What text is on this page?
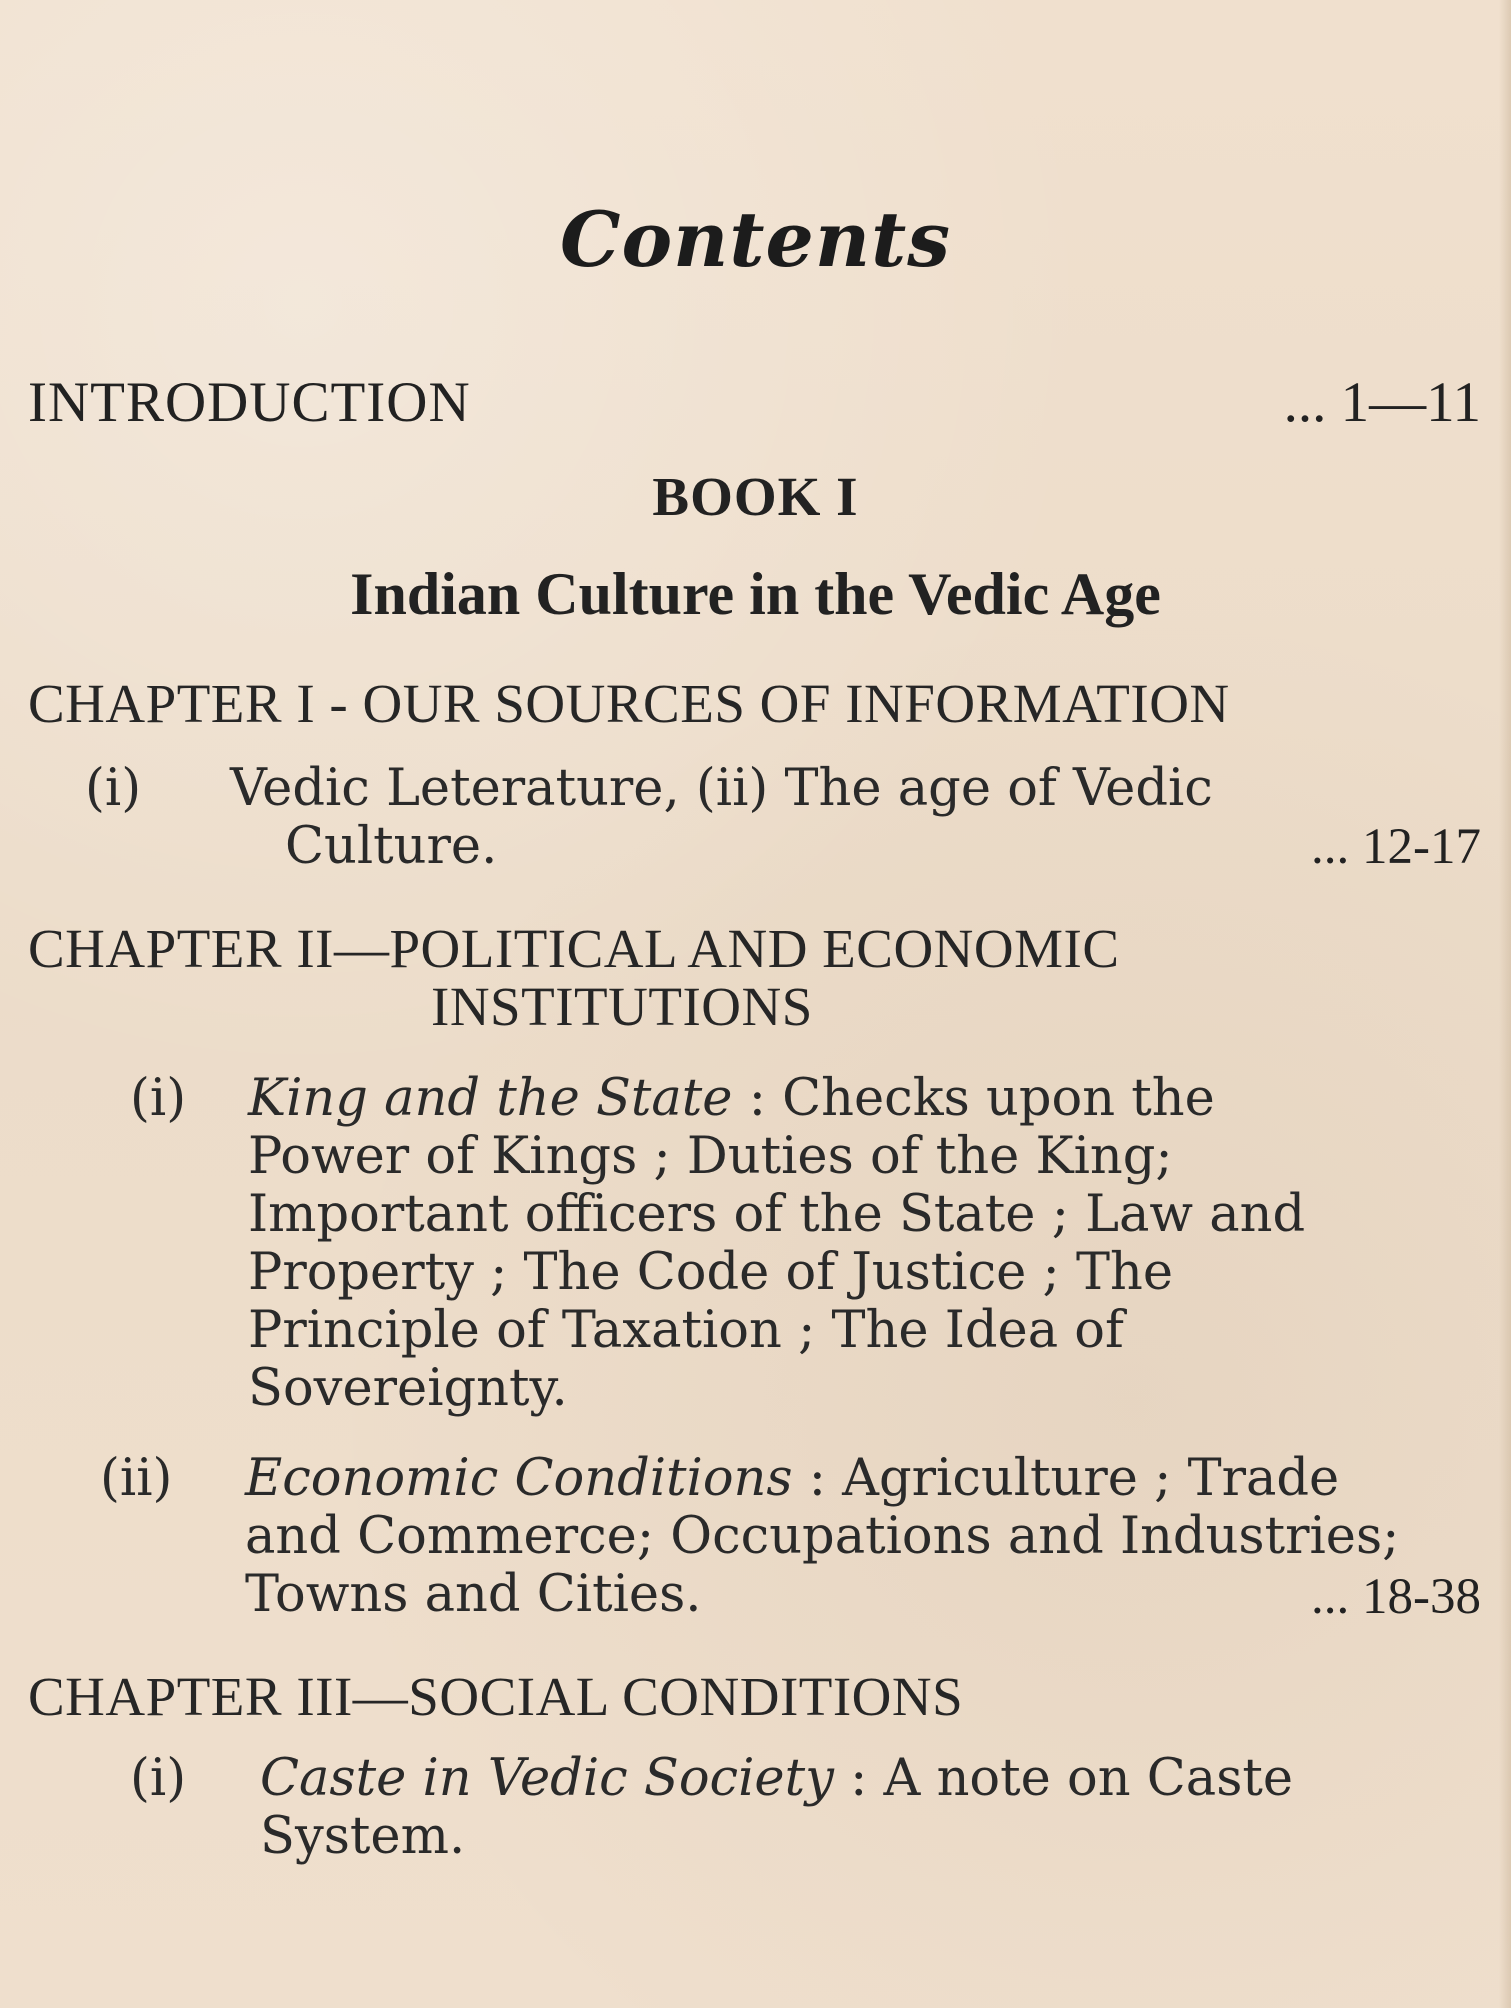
Contents
INTRODUCTION	... 1—11
BOOK I
Indian Culture in the Vedic Age
CHAPTER I - OUR SOURCES OF INFORMATION
(i) Vedic Leterature, (ii) The age of Vedic
Culture.	... 12-17
CHAPTER II—POLITICAL AND ECONOMIC
INSTITUTIONS
(i) King and the State : Checks upon the
Power of Kings ; Duties of the King;
Important officers of the State ; Law and
Property ; The Code of Justice ; The
Principle of Taxation ; The Idea of
Sovereignty.
(ii) Economic Conditions : Agriculture ; Trade
and Commerce; Occupations and Industries;
Towns and Cities.	... 18-38
CHAPTER III—SOCIAL CONDITIONS
(i) Caste in Vedic Society : A note on Caste
System.
